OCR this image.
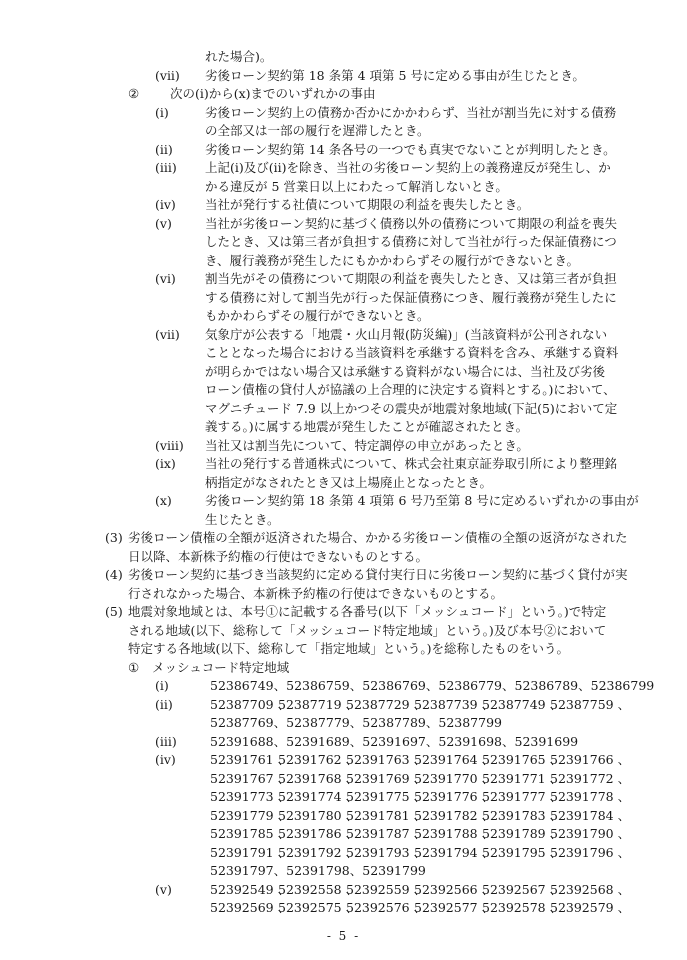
れた場合)。
(vii) 劣後ローン契約第 18 条第 4 項第 5 号に定める事由が生じたとき。
② 次の(i)から(x)までのいずれかの事由
(i)	劣後ローン契約上の債務か否かにかかわらず、当社が割当先に対する債務
の全部又は一部の履行を遅滞したとき。
(ii)	劣後ローン契約第 14 条各号の一つでも真実でないことが判明したとき。
(iii) 上記(i)及び(ii)を除き、当社の劣後ローン契約上の義務違反が発生し、か
かる違反が 5 営業日以上にわたって解消しないとき。
(iv) 当社が発行する社債について期限の利益を喪失したとき。
(v)	当社が劣後ローン契約に基づく債務以外の債務について期限の利益を喪失
したとき、又は第三者が負担する債務に対して当社が行った保証債務につ
き、履行義務が発生したにもかかわらずその履行ができないとき。
(vi) 割当先がその債務について期限の利益を喪失したとき、又は第三者が負担
する債務に対して割当先が行った保証債務につき、履行義務が発生したに
もかかわらずその履行ができないとき。
(vii) 気象庁が公表する「地震・火山月報(防災編)」(当該資料が公刊されない
こととなった場合における当該資料を承継する資料を含み、承継する資料
が明らかではない場合又は承継する資料がない場合には、当社及び劣後
ローン債権の貸付人が協議の上合理的に決定する資料とする。)において、
マグニチュード 7.9 以上かつその震央が地震対象地域(下記(5)において定
義する。)に属する地震が発生したことが確認されたとき。
(viii) 当社又は割当先について、特定調停の申立があったとき。
(ix) 当社の発行する普通株式について、株式会社東京証券取引所により整理銘
柄指定がなされたとき又は上場廃止となったとき。
(x)	劣後ローン契約第 18 条第 4 項第 6 号乃至第 8 号に定めるいずれかの事由が
生じたとき。
(3) 劣後ローン債権の全額が返済された場合、かかる劣後ローン債権の全額の返済がなされた
日以降、本新株予約権の行使はできないものとする。
(4) 劣後ローン契約に基づき当該契約に定める貸付実行日に劣後ローン契約に基づく貸付が実
行されなかった場合、本新株予約権の行使はできないものとする。
(5) 地震対象地域とは、本号①に記載する各番号(以下「メッシュコード」という。)で特定
される地域(以下、総称して「メッシュコード特定地域」という。)及び本号②において
特定する各地域(以下、総称して「指定地域」という。)を総称したものをいう。
① メッシュコード特定地域
(i)	52386749、52386759、52386769、52386779、52386789、52386799
(ii)	52387709 、
52387719 、
52387729 、
52387739 、
52387749 、
52387759 、
52387769、52387779、52387789、52387799
(iii)	52391688、52391689、52391697、52391698、52391699
(iv)	52391761 、
52391762 、
52391763 、
52391764 、
52391765 、
52391766 、
52391767 、
52391768 、
52391769 、
52391770 、
52391771 、
52391772 、
52391773 、
52391774 、
52391775 、
52391776 、
52391777 、
52391778 、
52391779 、
52391780 、
52391781 、
52391782 、
52391783 、
52391784 、
52391785 、
52391786 、
52391787 、
52391788 、
52391789 、
52391790 、
52391791 、
52391792 、
52391793 、
52391794 、
52391795 、
52391796 、
52391797、52391798、52391799
(v)	52392549 、
52392558 、
52392559 、
52392566 、
52392567 、
52392568 、
52392569 、
52392575 、
52392576 、
52392577 、
52392578 、
52392579 、
- 5 -
